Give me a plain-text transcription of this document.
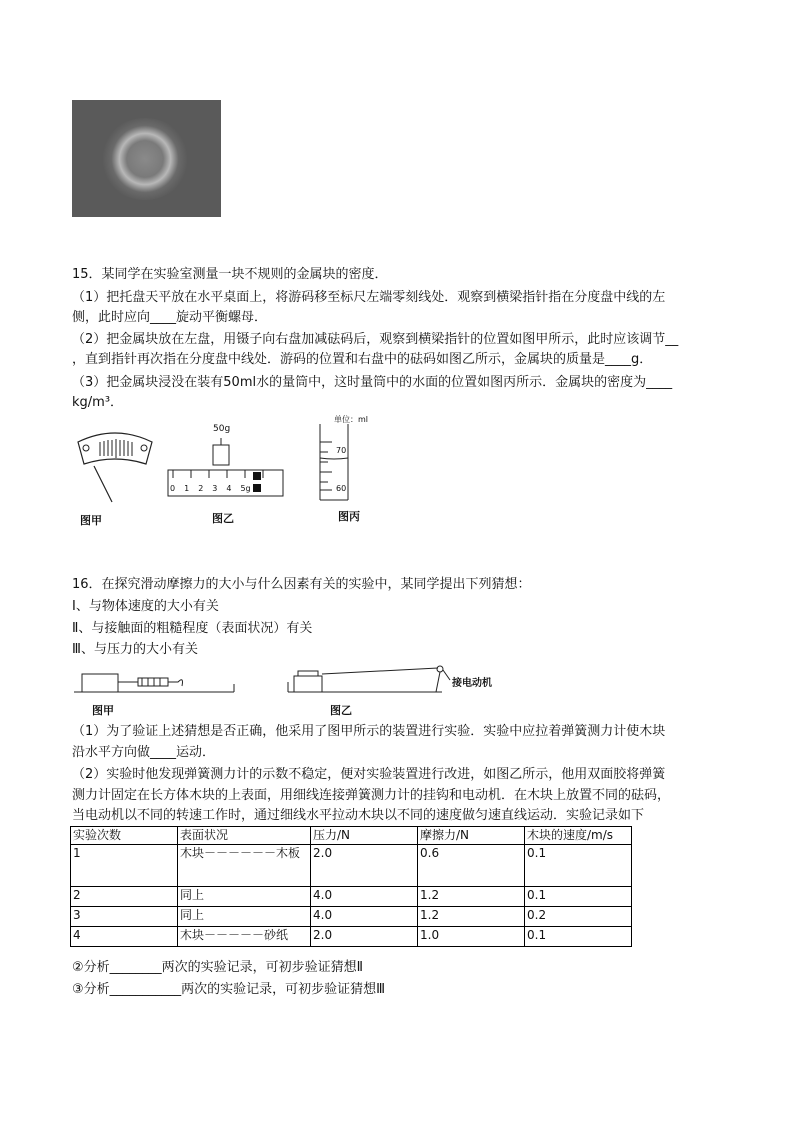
15．某同学在实验室测量一块不规则的金属块的密度．
（1）把托盘天平放在水平桌面上，将游码移至标尺左端零刻线处．观察到横梁指针指在分度盘中线的左
侧，此时应向____旋动平衡螺母．
（2）把金属块放在左盘，用镊子向右盘加减砝码后，观察到横梁指针的位置如图甲所示，此时应该调节__
，直到指针再次指在分度盘中线处．游码的位置和右盘中的砝码如图乙所示，金属块的质量是____g．
（3）把金属块浸没在装有50ml水的量筒中，这时量筒中的水面的位置如图丙所示．金属块的密度为____
kg/m³．
50g
0 1 2 3 4 5g
单位：ml
70
60
图甲	图乙	图丙
16．在探究滑动摩擦力的大小与什么因素有关的实验中，某同学提出下列猜想：
Ⅰ、与物体速度的大小有关
Ⅱ、与接触面的粗糙程度（表面状况）有关
Ⅲ、与压力的大小有关
接电动机
图甲	图乙
（1）为了验证上述猜想是否正确，他采用了图甲所示的装置进行实验．实验中应拉着弹簧测力计使木块
沿水平方向做____运动．
（2）实验时他发现弹簧测力计的示数不稳定，便对实验装置进行改进，如图乙所示，他用双面胶将弹簧
测力计固定在长方体木块的上表面，用细线连接弹簧测力计的挂钩和电动机．在木块上放置不同的砝码，
当电动机以不同的转速工作时，通过细线水平拉动木块以不同的速度做匀速直线运动．实验记录如下
实验次数	表面状况	压力/N	摩擦力/N	木块的速度/m/s
1	木块－－－－－－木板	2.0	0.6	0.1
2	同上	4.0	1.2	0.1
3	同上	4.0	1.2	0.2
4	木块－－－－－砂纸	2.0	1.0	0.1
②分析________两次的实验记录，可初步验证猜想Ⅱ
③分析___________两次的实验记录，可初步验证猜想Ⅲ
